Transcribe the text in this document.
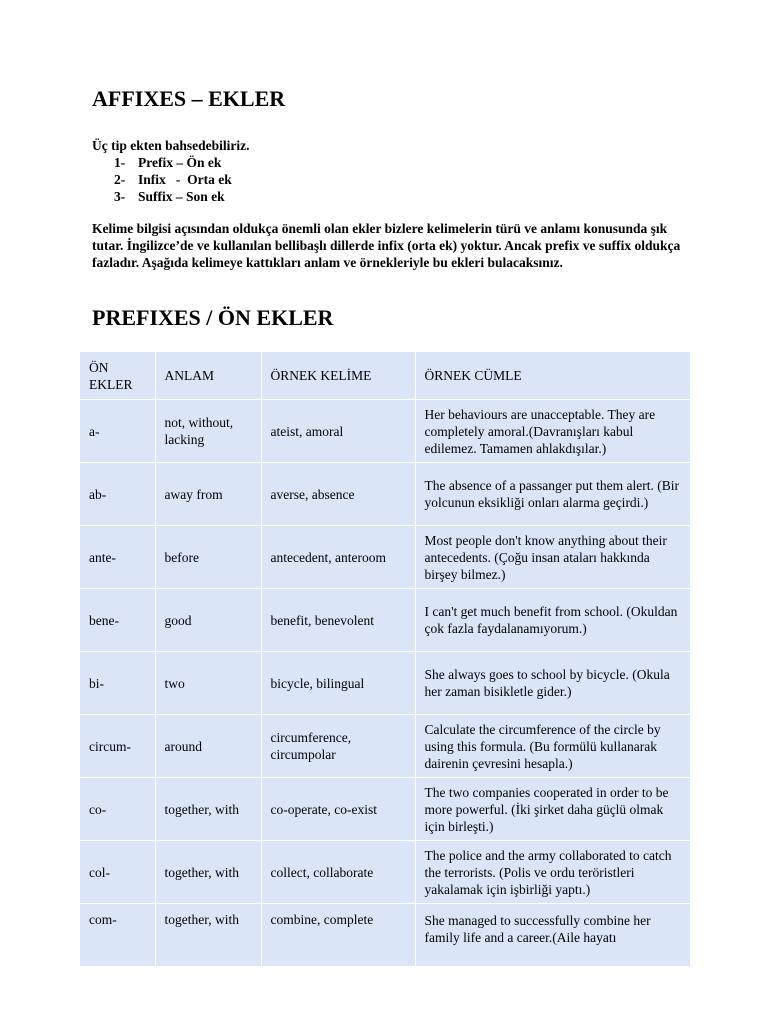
AFFIXES – EKLER
Üç tip ekten bahsedebiliriz.
1- Prefix – Ön ek
2- Infix   -  Orta ek
3- Suffix – Son ek

Kelime bilgisi açısından oldukça önemli olan ekler bizlere kelimelerin türü ve anlamı konusunda şık tutar. İngilizce’de ve kullanılan bellibaşlı dillerde infix (orta ek) yoktur. Ancak prefix ve suffix oldukça fazladır. Aşağıda kelimeye kattıkları anlam ve örnekleriyle bu ekleri bulacaksınız.

PREFIXES / ÖN EKLER
ÖN EKLER	ANLAM	ÖRNEK KELİME	ÖRNEK CÜMLE
a-	not, without, lacking	ateist, amoral	Her behaviours are unacceptable. They are completely amoral.(Davranışları kabul edilemez. Tamamen ahlakdışılar.)
ab-	away from	averse, absence	The absence of a passanger put them alert. (Bir yolcunun eksikliği onları alarma geçirdi.)
ante-	before	antecedent, anteroom	Most people don't know anything about their antecedents. (Çoğu insan ataları hakkında birşey bilmez.)
bene-	good	benefit, benevolent	I can't get much benefit from school. (Okuldan çok fazla faydalanamıyorum.)
bi-	two	bicycle, bilingual	She always goes to school by bicycle. (Okula her zaman bisikletle gider.)
circum-	around	circumference, circumpolar	Calculate the circumference of the circle by using this formula. (Bu formülü kullanarak dairenin çevresini hesapla.)
co-	together, with	co-operate, co-exist	The two companies cooperated in order to be more powerful. (İki şirket daha güçlü olmak için birleşti.)
col-	together, with	collect, collaborate	The police and the army collaborated to catch the terrorists. (Polis ve ordu teröristleri yakalamak için işbirliği yaptı.)
com-	together, with	combine, complete	She managed to successfully combine her family life and a career.(Aile hayatı
